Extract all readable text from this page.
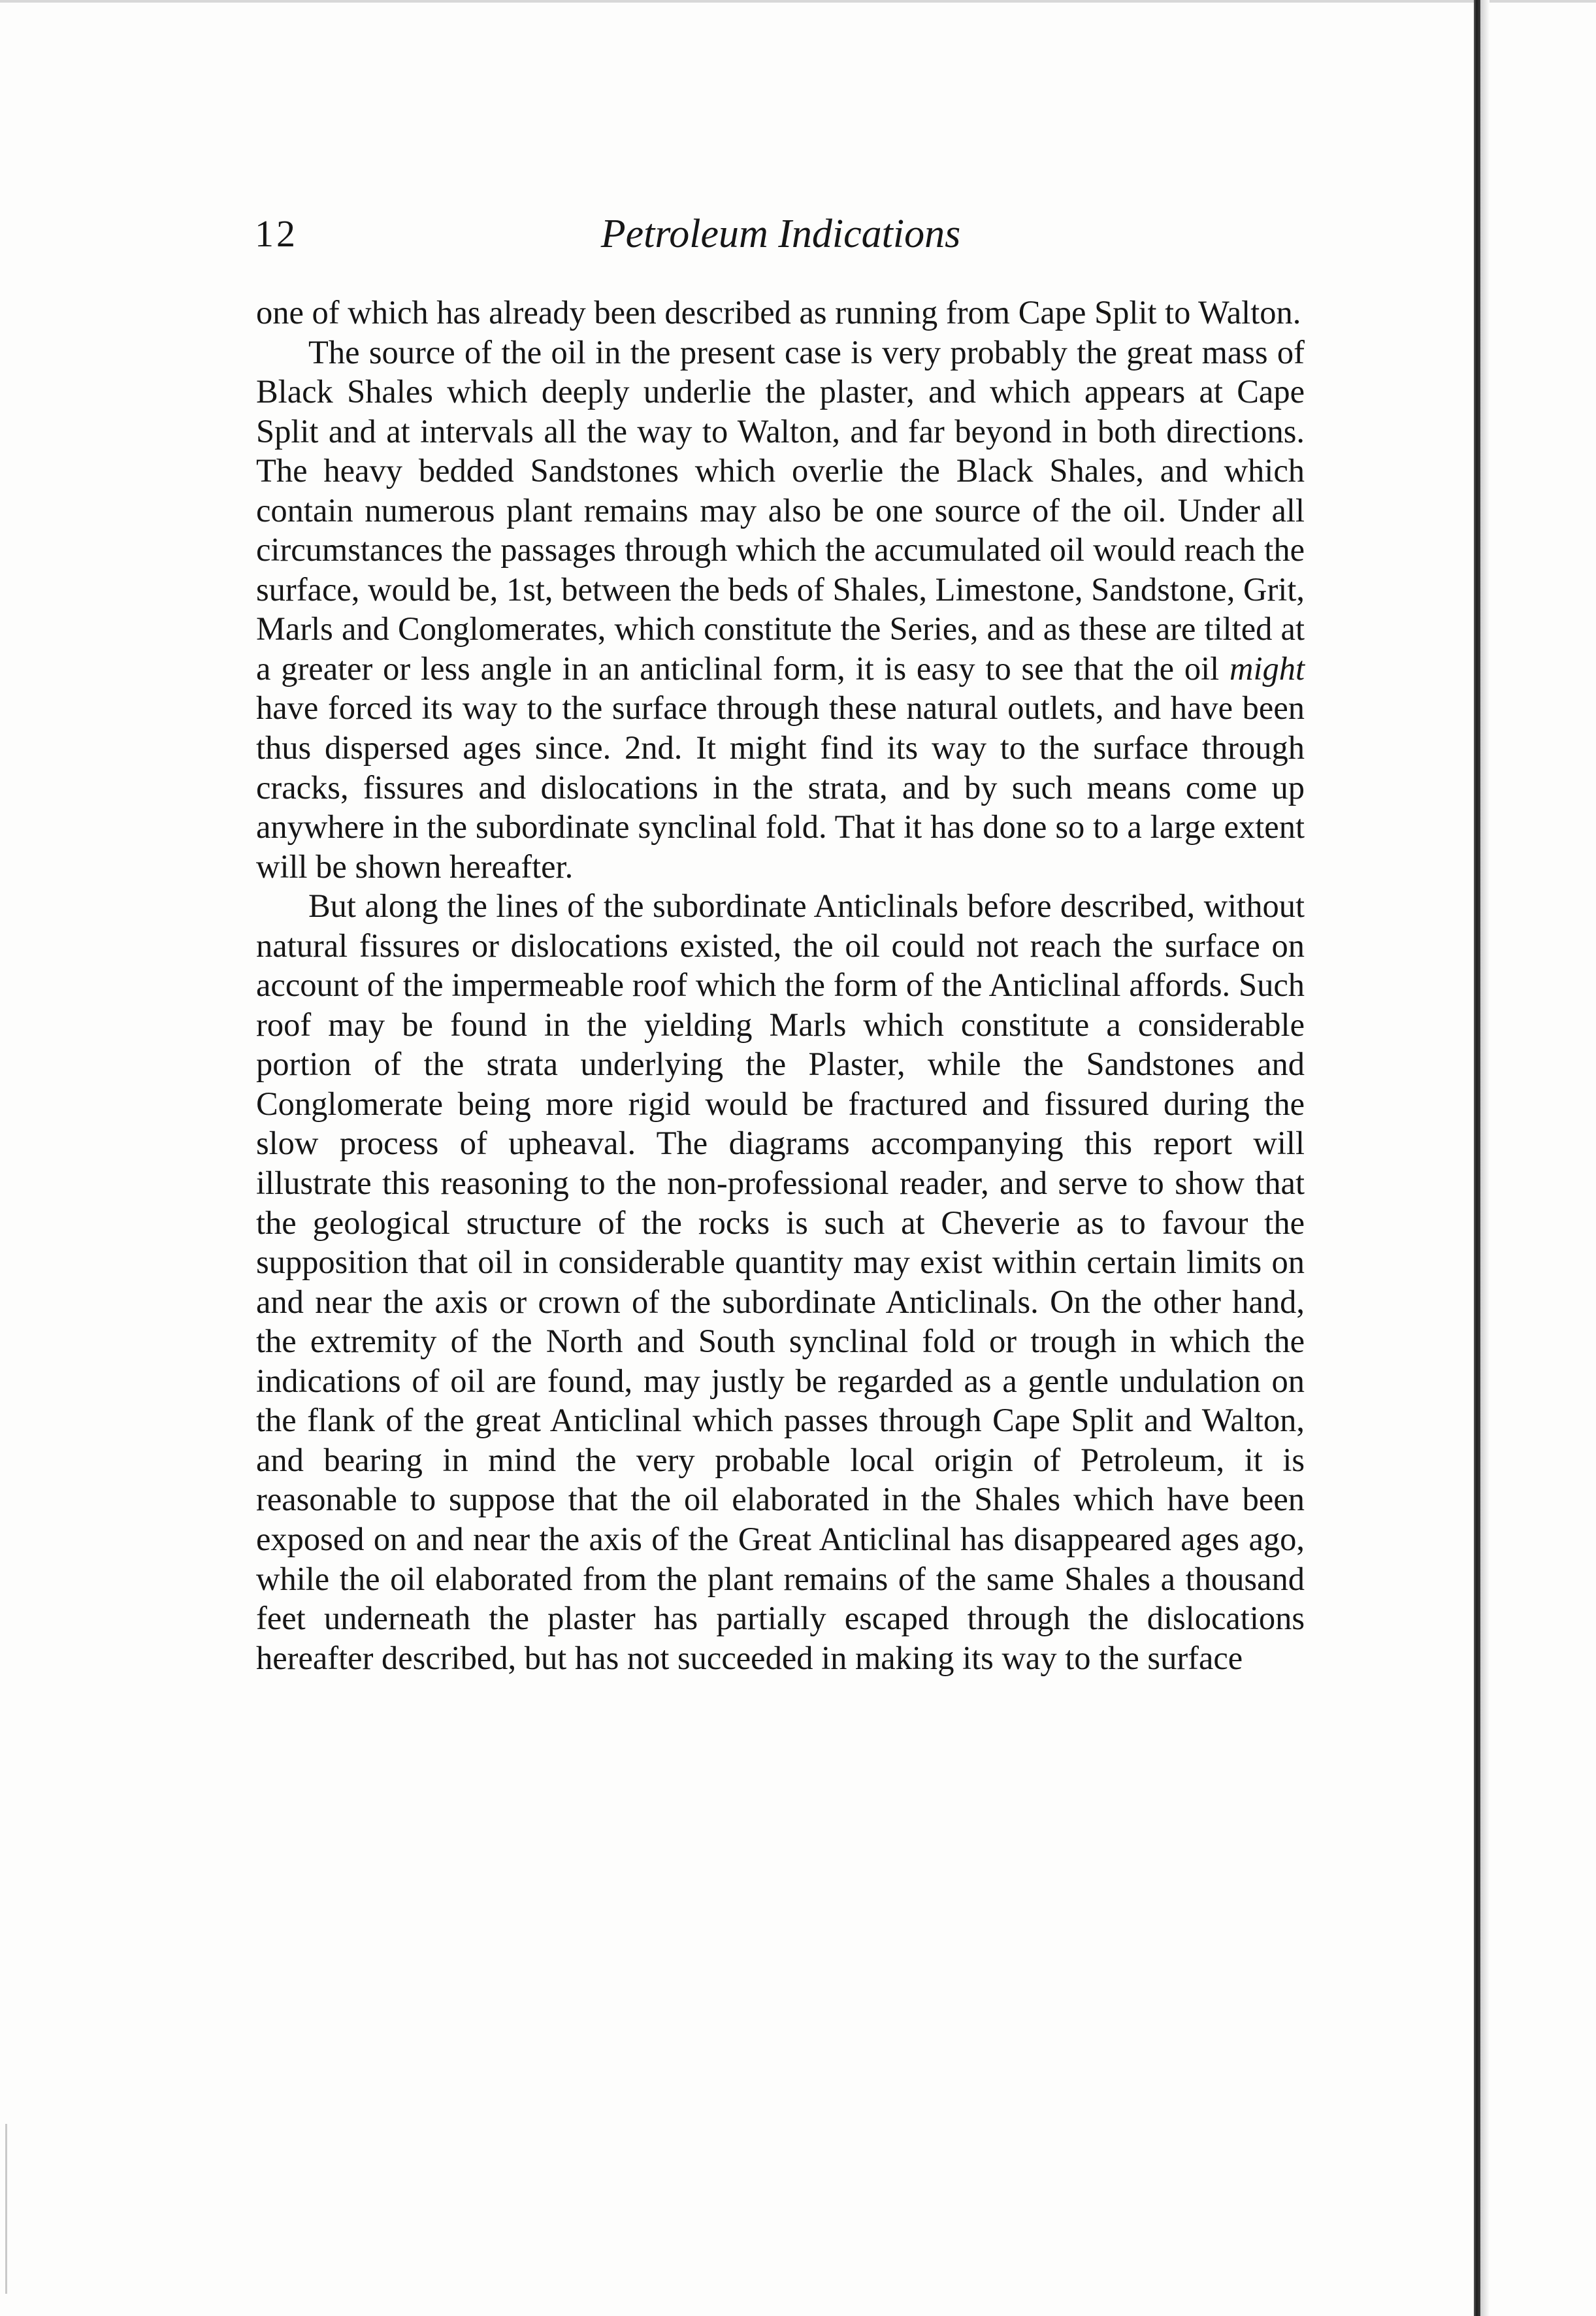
12	Petroleum Indications

one of which has already been described as running from Cape Split to Walton.

The source of the oil in the present case is very probably the great mass of Black Shales which deeply underlie the plaster, and which appears at Cape Split and at intervals all the way to Walton, and far beyond in both directions. The heavy bedded Sandstones which overlie the Black Shales, and which contain numerous plant remains may also be one source of the oil. Under all circumstances the passages through which the accumulated oil would reach the surface, would be, 1st, between the beds of Shales, Limestone, Sandstone, Grit, Marls and Conglomerates, which constitute the Series, and as these are tilted at a greater or less angle in an anticlinal form, it is easy to see that the oil might have forced its way to the surface through these natural outlets, and have been thus dispersed ages since. 2nd. It might find its way to the surface through cracks, fissures and dislocations in the strata, and by such means come up anywhere in the subordinate synclinal fold. That it has done so to a large extent will be shown hereafter.

But along the lines of the subordinate Anticlinals before described, without natural fissures or dislocations existed, the oil could not reach the surface on account of the impermeable roof which the form of the Anticlinal affords. Such roof may be found in the yielding Marls which constitute a considerable portion of the strata underlying the Plaster, while the Sandstones and Conglomerate being more rigid would be fractured and fissured during the slow process of upheaval. The diagrams accompanying this report will illustrate this reasoning to the non-professional reader, and serve to show that the geological structure of the rocks is such at Cheverie as to favour the supposition that oil in considerable quantity may exist within certain limits on and near the axis or crown of the subordinate Anticlinals. On the other hand, the extremity of the North and South synclinal fold or trough in which the indications of oil are found, may justly be regarded as a gentle undulation on the flank of the great Anticlinal which passes through Cape Split and Walton, and bearing in mind the very probable local origin of Petroleum, it is reasonable to suppose that the oil elaborated in the Shales which have been exposed on and near the axis of the Great Anticlinal has disappeared ages ago, while the oil elaborated from the plant remains of the same Shales a thousand feet underneath the plaster has partially escaped through the dislocations hereafter described, but has not succeeded in making its way to the surface
